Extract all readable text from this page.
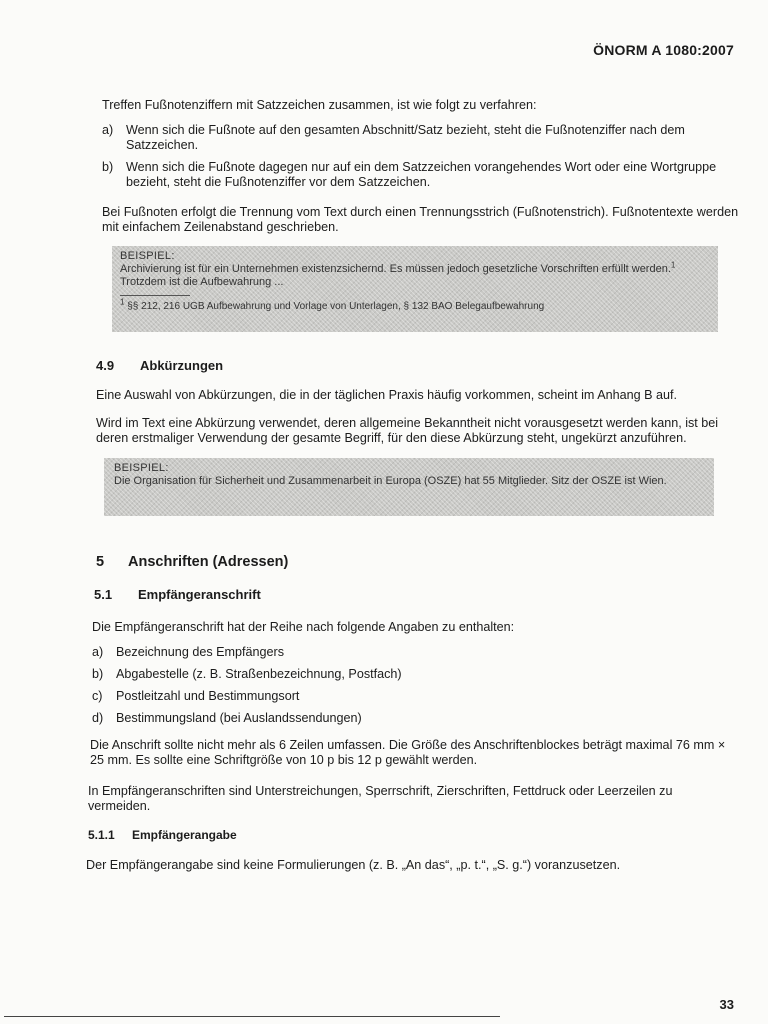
ÖNORM A 1080:2007

Treffen Fußnotenziffern mit Satzzeichen zusammen, ist wie folgt zu verfahren:

a)	Wenn sich die Fußnote auf den gesamten Abschnitt/Satz bezieht, steht die Fußnotenziffer nach dem Satzzeichen.
b)	Wenn sich die Fußnote dagegen nur auf ein dem Satzzeichen vorangehendes Wort oder eine Wortgruppe bezieht, steht die Fußnotenziffer vor dem Satzzeichen.

Bei Fußnoten erfolgt die Trennung vom Text durch einen Trennungsstrich (Fußnotenstrich). Fußnotentexte werden mit einfachem Zeilenabstand geschrieben.

BEISPIEL:
Archivierung ist für ein Unternehmen existenzsichernd. Es müssen jedoch gesetzliche Vorschriften erfüllt werden.$^1$ Trotzdem ist die Aufbewahrung ...
$^1$ §§ 212, 216 UGB Aufbewahrung und Vorlage von Unterlagen, § 132 BAO Belegaufbewahrung
4.9 Abkürzungen

Eine Auswahl von Abkürzungen, die in der täglichen Praxis häufig vorkommen, scheint im Anhang B auf.

Wird im Text eine Abkürzung verwendet, deren allgemeine Bekanntheit nicht vorausgesetzt werden kann, ist bei deren erstmaliger Verwendung der gesamte Begriff, für den diese Abkürzung steht, ungekürzt anzuführen.

BEISPIEL:
Die Organisation für Sicherheit und Zusammenarbeit in Europa (OSZE) hat 55 Mitglieder. Sitz der OSZE ist Wien.
5 Anschriften (Adressen)
5.1 Empfängeranschrift

Die Empfängeranschrift hat der Reihe nach folgende Angaben zu enthalten:

a)	Bezeichnung des Empfängers
b)	Abgabestelle (z. B. Straßenbezeichnung, Postfach)
c)	Postleitzahl und Bestimmungsort
d)	Bestimmungsland (bei Auslandssendungen)

Die Anschrift sollte nicht mehr als 6 Zeilen umfassen. Die Größe des Anschriftenblockes beträgt maximal 76 mm × 25 mm. Es sollte eine Schriftgröße von 10 p bis 12 p gewählt werden.

In Empfängeranschriften sind Unterstreichungen, Sperrschrift, Zierschriften, Fettdruck oder Leerzeilen zu vermeiden.

5.1.1 Empfängerangabe

Der Empfängerangabe sind keine Formulierungen (z. B. „An das“, „p. t.“, „S. g.“) voranzusetzen.

33
